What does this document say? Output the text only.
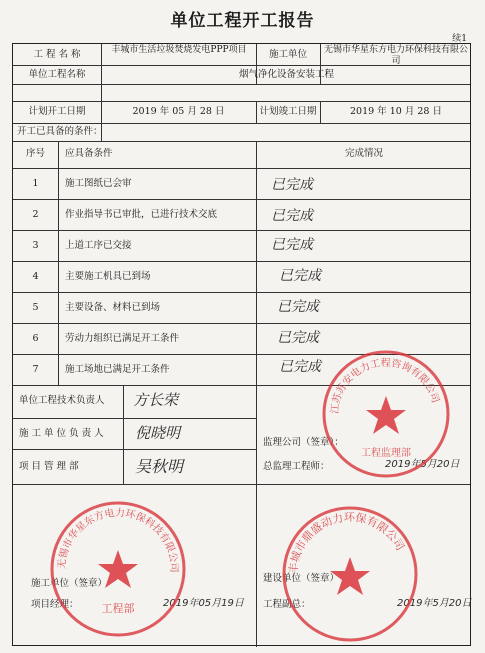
单位工程开工报告
续1
工 程 名 称	丰城市生活垃圾焚烧发电PPP项目	施工单位	无锡市华星东方电力环保科技有限公司
单位工程名称	烟气净化设备安装工程
计划开工日期	2019 年 05 月 28 日	计划竣工日期	2019 年 10 月 28 日
开工已具备的条件：
序号	应具备条件	完成情况
1	施工图纸已会审	已完成
2	作业指导书已审批，已进行技术交底	已完成
3	上道工序已交接	已完成
4	主要施工机具已到场	已完成
5	主要设备、材料已到场	已完成
6	劳动力组织已满足开工条件	已完成
7	施工场地已满足开工条件	已完成
单位工程技术负责人 方长荣
施 工 单 位 负 责 人 倪晓明
项 目 管 理 部	吴秋明
监理公司（签章）：
总监理工程师：	2019年5月20日
施工单位（签章）
项目经理：	2019年05月19日
建设单位（签章）
工程副总：	2019年5月20日
江苏苏安电力工程咨询有限公司
工程监理部
无锡市华星东方电力环保科技有限公司
工程部
丰城市鼎盛动力环保有限公司
